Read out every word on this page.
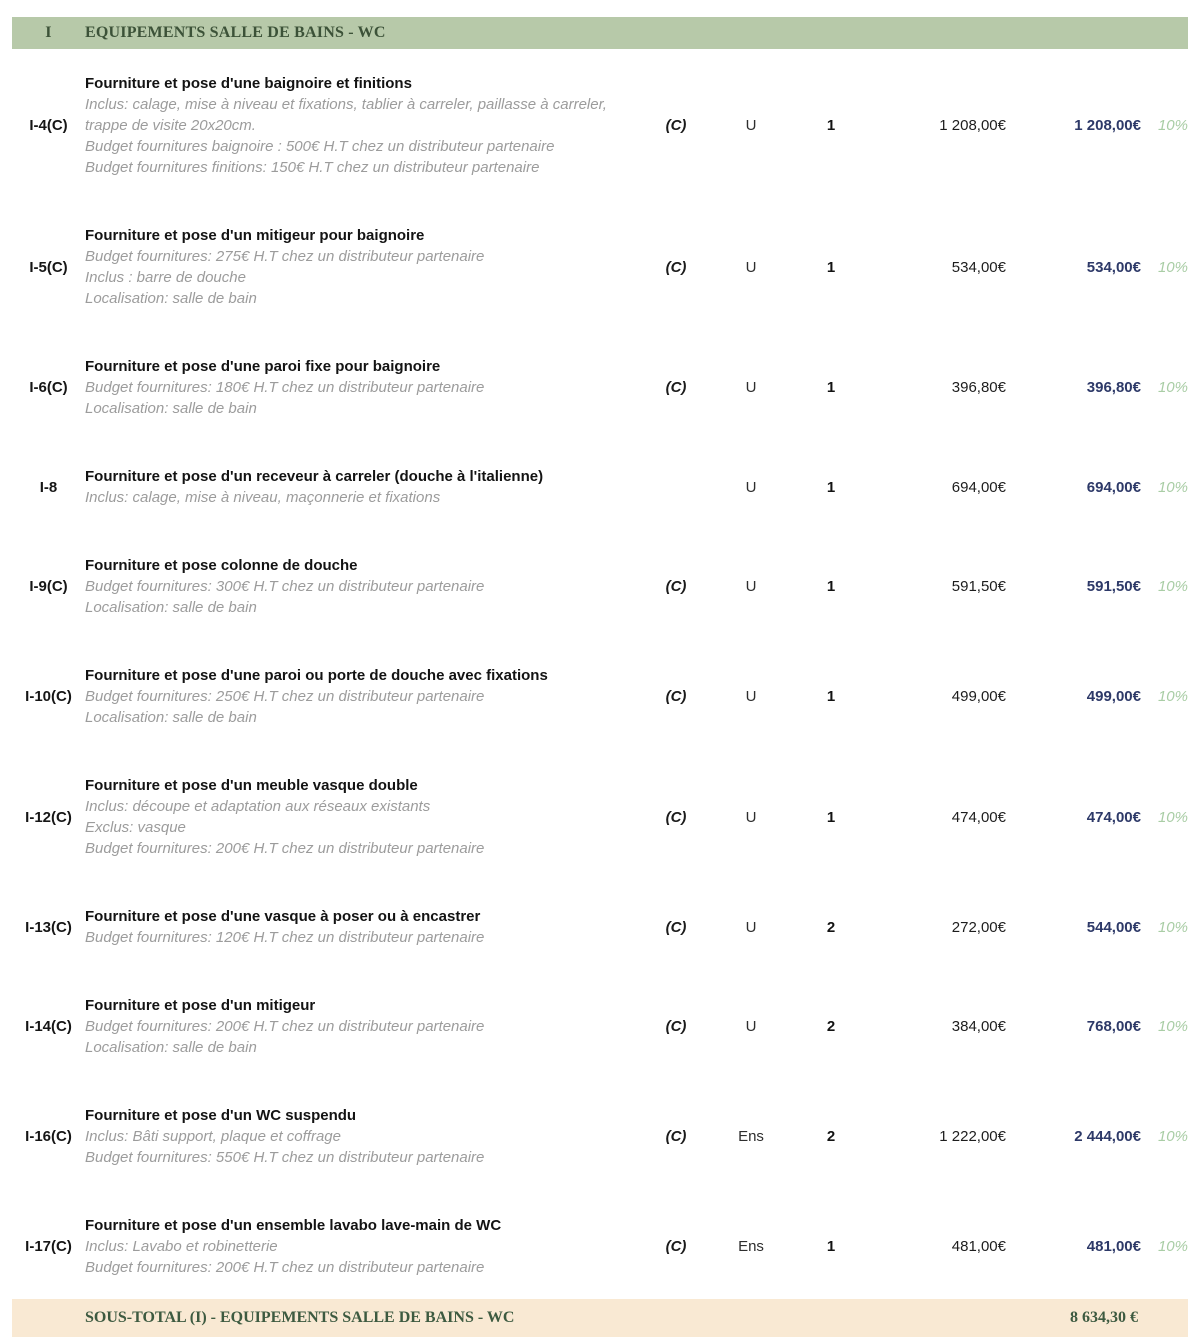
I	EQUIPEMENTS SALLE DE BAINS - WC
I-4(C)
Fourniture et pose d'une baignoire et finitions
Inclus: calage, mise à niveau et fixations, tablier à carreler, paillasse à carreler, trappe de visite 20x20cm.
Budget fournitures baignoire : 500€ H.T chez un distributeur partenaire
Budget fournitures finitions: 150€ H.T chez un distributeur partenaire
(C)	U	1	1 208,00€	1 208,00€	10%
I-5(C)
Fourniture et pose d'un mitigeur pour baignoire
Budget fournitures: 275€ H.T chez un distributeur partenaire
Inclus : barre de douche
Localisation: salle de bain
(C)	U	1	534,00€	534,00€	10%
I-6(C)
Fourniture et pose d'une paroi fixe pour baignoire
Budget fournitures: 180€ H.T chez un distributeur partenaire
Localisation: salle de bain
(C)	U	1	396,80€	396,80€	10%
I-8
Fourniture et pose d'un receveur à carreler (douche à l'italienne)
Inclus: calage, mise à niveau, maçonnerie et fixations
U	1	694,00€	694,00€	10%
I-9(C)
Fourniture et pose colonne de douche
Budget fournitures: 300€ H.T chez un distributeur partenaire
Localisation: salle de bain
(C)	U	1	591,50€	591,50€	10%
I-10(C)
Fourniture et pose d'une paroi ou porte de douche avec fixations
Budget fournitures: 250€ H.T chez un distributeur partenaire
Localisation: salle de bain
(C)	U	1	499,00€	499,00€	10%
I-12(C)
Fourniture et pose d'un meuble vasque double
Inclus: découpe et adaptation aux réseaux existants
Exclus: vasque
Budget fournitures: 200€ H.T chez un distributeur partenaire
(C)	U	1	474,00€	474,00€	10%
I-13(C)
Fourniture et pose d'une vasque à poser ou à encastrer
Budget fournitures: 120€ H.T chez un distributeur partenaire
(C)	U	2	272,00€	544,00€	10%
I-14(C)
Fourniture et pose d'un mitigeur
Budget fournitures: 200€ H.T chez un distributeur partenaire
Localisation: salle de bain
(C)	U	2	384,00€	768,00€	10%
I-16(C)
Fourniture et pose d'un WC suspendu
Inclus: Bâti support, plaque et coffrage
Budget fournitures: 550€ H.T chez un distributeur partenaire
(C)	Ens	2	1 222,00€	2 444,00€	10%
I-17(C)
Fourniture et pose d'un ensemble lavabo lave-main de WC
Inclus: Lavabo et robinetterie
Budget fournitures: 200€ H.T chez un distributeur partenaire
(C)	Ens	1	481,00€	481,00€	10%
SOUS-TOTAL (I) - EQUIPEMENTS SALLE DE BAINS - WC	8 634,30 €
